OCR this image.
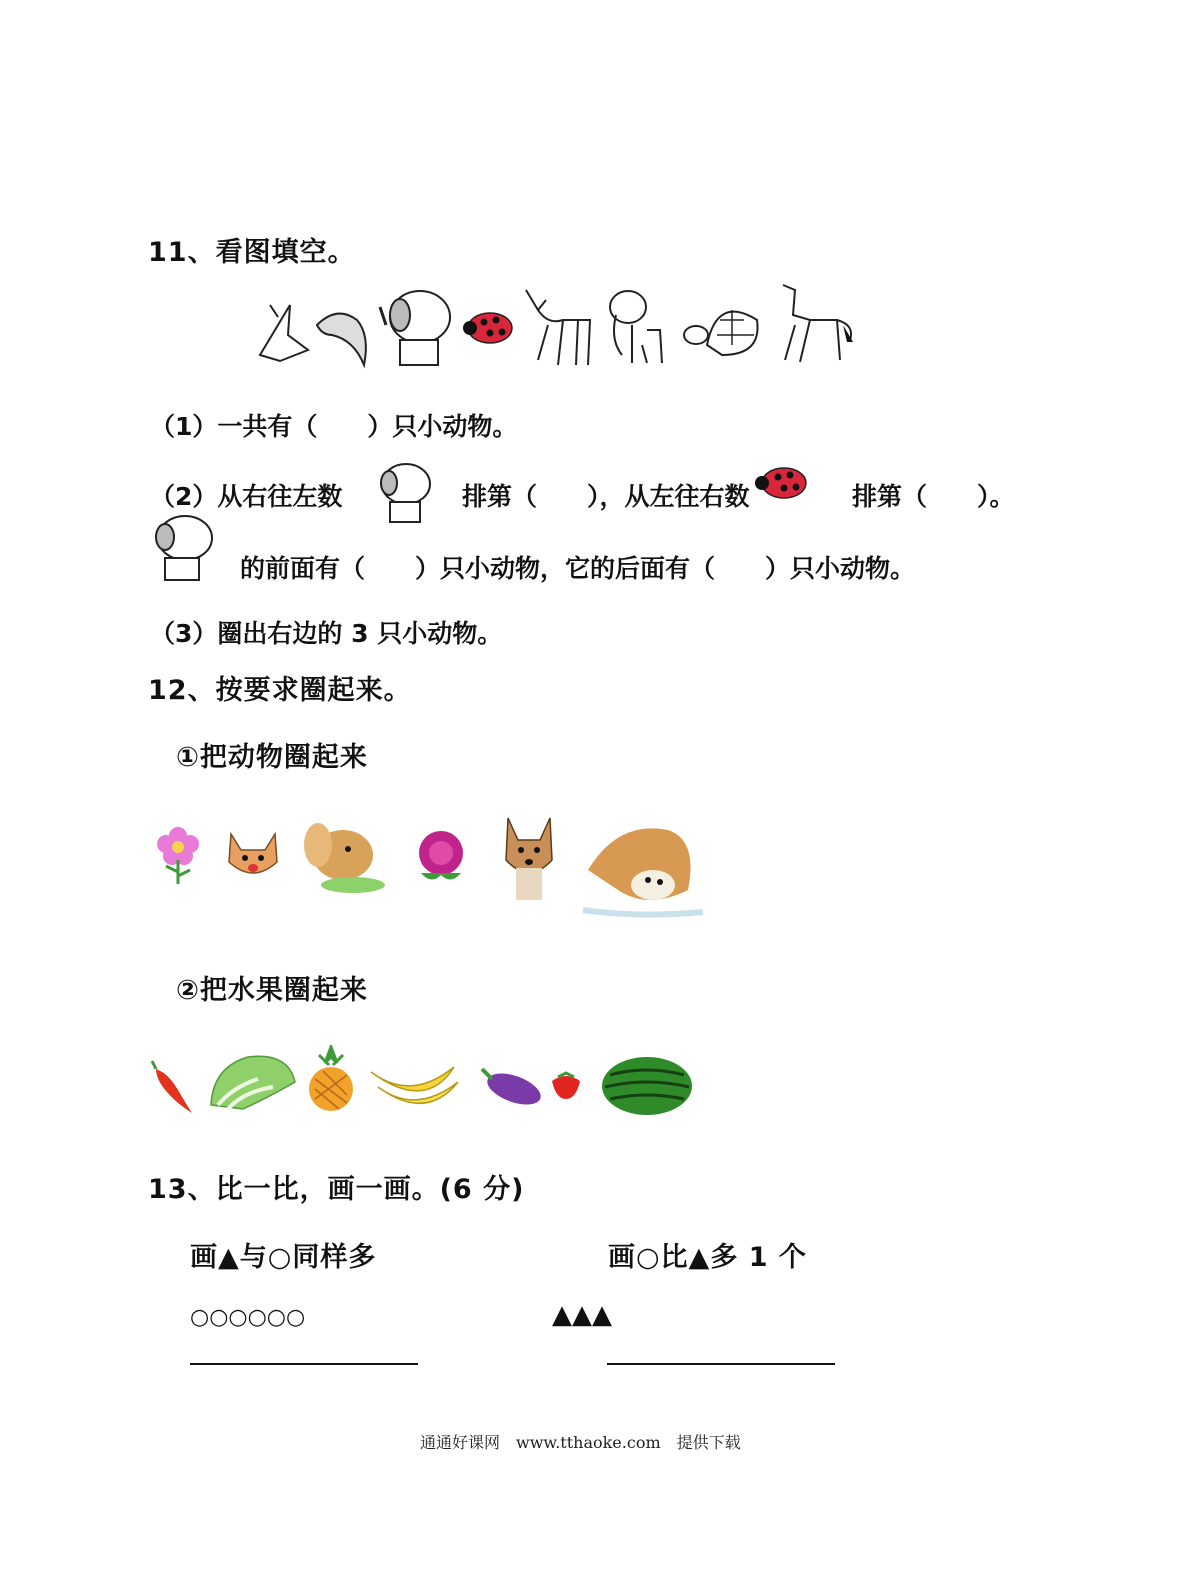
11、看图填空。
（1）一共有（　　）只小动物。
（2）从右往左数	排第（　　），从左往右数	排第（　　）。
的前面有（　　）只小动物，它的后面有（　　）只小动物。
（3）圈出右边的 3 只小动物。
12、按要求圈起来。
①把动物圈起来
②把水果圈起来
13、比一比，画一画。(6 分)
画▲与○同样多	画○比▲多 1 个
○○○○○○	▲▲▲
通通好课网　www.tthaoke.com　提供下载
